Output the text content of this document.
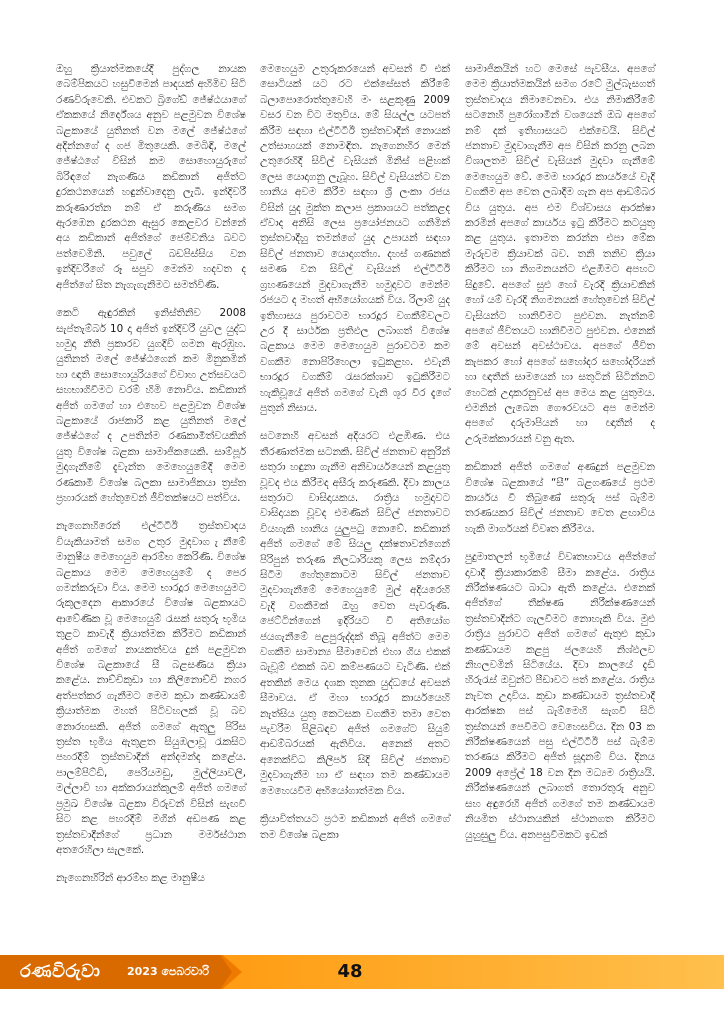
ඔහු ක්‍රියාත්මකයේදී පුද්ගල නායක බෙම්පිකයට හසුවීමෙන් පාදයක් අහිමිව සිටි රණවිරුවෙකි. එවකට බ්‍රිගේඩ් ජේෂ්ඨයාගේ ඒකකයේ නිර්දේශය අනුව පළමුවන විශේෂ බළකායේ යුතිනත් වන මලේ ජේෂ්ඨගේ අදින්නගේ ද ගජ මිතුයෙකි. මෙබිඳි, මලේ ජේෂ්ඨගේ විසින් කම සොහොයුරුගේ බිරිඳගේ නැගණිය කඩිකාන් අජිත්ට දුරකථනයෙන් හඳුන්වාදෙනු ලැබී. ඉන්දිවරී කරුණාරත්න නම් ඒ කරුණිය සමග ඇරඹෙන දුරකථන ඇසුර කෙළවර වන්නේ අය කඩිකාන් අජිත්ගේ ජෙම්වනිය බවට පත්වෙමිනි. පවුලේ බඩපිස්සිය වන ඉන්දිවරීගේ රූ සපුව මෙන්ම හදවත ද අජිත්ගේ සිත නැගැගැනිමට සමත්විණි.

කෙටි ඇඳුරකින් ඉනිස්තිනිව 2008 සැප්තැම්බර් 10 දා අජිත් ඉන්දිවරී යුවල යුද්ධ හමුදා නීති ප්‍රකාරව යුගදිවි ගමන ඇරඹුහ. යුතිනත් මලේ ජේෂ්ඨගෙන් කම මිනුකමින් හා ඥාති සොහොයුරියගේ විවාහ උත්සවයට සහභාගිවීමට වරම් හිමි නොවිය. කඩිකාන් අජිත් ගමගේ හා එහෙව පළමුවන විශේෂ බළකායේ රාජකාරි කළ යුතිනත් මලේ ජේෂ්ඨගේ ද උපතින්ම රණකාමීත්වයකින් යුතු විශේෂ බළකා සාමාජිකයෙකි. සාම්පූර් මුදාගැනීමේ දැවැන්ත මෙහෙයුමේදී මෙම රණකාමී විශේෂ බලකා සාමාජිකයා ත්‍රස්ත ප්‍රහාරයක් හේතුවෙන් ජීවිතක්ෂයට පත්විය.

නැගෙනහිරෙන් එල්ටීටීඊ ත්‍රස්තවාදය වියැකියාමත් සමග උතුර මුදවාග ැනීමේ මානුෂීය මෙහෙයුම ආරම්භ කෙරිණි. විශේෂ බළකාය මෙම මෙහෙයුමේ ද පෙර ගමන්කරුවා විය. මෙම භාරදූර මෙහෙයුමට රුකුලදෙන ආකාරයේ විශේෂ බළකායට ආවේණික වූ මෙහෙයුම් රැසක් සතුරු භූමිය තුළට කාවැදී ක්‍රියාත්මක කිරීමට කඩිකාන් අජිත් ගමගේ නායකත්වය දුන් පළමුවන විශේෂ බළකායේ සී බළසණිය ක්‍රියා කළේය. නාච්චිකුඩා හා කිලිනොච්චි නගර අත්පත්කර ගැනීමට මෙම කුඩා කණ්ඩායම් ක්‍රියාත්මක මහත් පිටිවහලක් වූ බව නොරහසකි. අජිත් ගමගේ ඇතුලු පිරිස ත්‍රස්ත භූමිය ඇතුළත සියුඹලාවූ රැකසිට පහරදීම් ත්‍රස්තවාදීන් අන්දමන්ද කළේය. පාලම්පිට්ඩි, පෙරියමඩු, මුල්ලියාවලි, මල්ලාවි හා අක්කරායන්කුලම් අජිත් ගමගේ ප්‍රමුඛ විශේෂ බළකා විරුවන් විසින් සැඟවී සිට කළ පහරදීම් මගින් අඩපණ කළ ත්‍රස්තවාදීන්ගේ ප්‍රධාන මර්මස්ථාන අතරෙහිලා සැලකේ.

නැගෙනහිරින් ආරම්භ කළ මානුෂීය

මෙහෙයුම උතුරුකරයෙන් අවසන් වී එක් සොටියක් යට රට එක්සේසත් කිරීමේ බලාපොරොත්තුවෙහි මං සළකුණු 2009 වසර වන විට මතුවිය. මේ සියල්ල යටපත් කිරීම සඳහා එල්ටීටීඊ ත්‍රස්තවාදීන් නොයක් උත්සාහයක් නොමඳිත. නැගෙනහිර මෙන් උතුරෙහිදී සිවිල් වැසියන් මිනිස් පළිහක් ලෙස යොදාගනු ලැබූහ. සිවිල් වැසියන්ට වන හානිය අවම කිරීම සඳහා ශ්‍රී ලංකා රජය විසින් යුද මුක්ත කලාප ප්‍රකාශයට පත්කළද ඒවාද අනිසි ලෙස ප්‍රයෝජනයට ගනිමින් ත්‍රස්තවාදීහු තමන්ගේ යුද උපායන් සඳහා සිවිල් ජනතාව යොදාගත්හ. දහස් ගණනක් සමණ වන සිවිල් වැසියන් එල්ටීටීඊ ග්‍රහණයෙන් මුදවාගැනීම හමුදාවට මෙන්ම රජයට ද මහත් අභියෝගයක් විය. රිලාම් යුද ඉතිහාසය පුරාවටම භාරදූර වගකීම්වලට උර දී සාර්ථක ප්‍රතිඵල ලබාගත් විශේෂ බළකාය මෙම මෙහෙයුම පුරාවටම කම වගකීම නොපිරිහෙලා ඉටුකළහ. එවැනි භාරදූර වගකීම් රැසරක්ශාව ඉටුකිරීමට හැකිවූයේ අජිත් ගමගේ වැනි ශූර වීර දැගේ පුතුන් නිසාය.

සටනෙහි අවසන් අදියරට එළඹිණ. එය තීරණාත්මක සටනකි. සිවිල් ජනතාව අනුරින් සතුරා හඳුනා ගැනීම අනිවාර්යයෙන් කළයුතු වූවද එය කිරීමද අසීරු කරුණකි. දිවා කාලය සතුරාට වාසිදායකය. රාත්‍රිය හමුදාවට වාසිදායක වූවද එමණින් සිවිල් ජනතාවට වියහැකි හානිය යුලුපටු නොවේ. කඩිකාන් අජිත් ගමගේ මේ සියලු දක්ෂතාවන්ගෙන් පිරිපුන් තරුණ නිලධාරියකු ලෙස නම්දරා සිටීම හේතුකොටම සිවිල් ජනතාව මුදවාගැනීමේ මෙහෙයුමේ මුල් අදියරෙහි වැදි වගකීමක් ඔහු වෙත පැවරුණි. ජෙට්ටින්ගෙන් ඉදිරියට වී අතියෝග ජයගැනීමේ පළපුරුද්දක් තිබූ අජිත්ට මෙම වගකීම සාමාන්‍ය සීමාවෙන් එහා ගිය එකක් බැවූම් එකක් බව කම්පණයට වැටිණි. එක් අතකින් මෙය දශක තුනක යුද්ධයේ අවසන් සීමාවය. ඒ මහා භාරදූර කාර්යයෙහි නැත්සිය යුතු කෙටසක වගකීම තමා වෙත පැවරීම පිළිබඳව අජිත් ගමගේට සියුම් ආඩම්බරයක් ඇතිවිය. අනෙක් අතට අනෙක්විධ කිලිපර් සිදි සිවිල් ජනතාව මුදවාගැනීම හා ඒ සඳහා තම කණ්ඩායම මෙහෙයවීම අභියෝගාත්මක විය.

ක්‍රියාවිත්තයට ප්‍රථම කඩිකාන් අජිත් ගමගේ තම විශේෂ බළකා

සාමාජිකයින් හට මෙසේ පැවසීය. අපගේ මෙම ක්‍රියාත්මකයින් සමග රටේ මුල්බැසගත් ත්‍රස්තවාදය නිමාවෙනවා. එය නිමාකිරීමේ සටනෙහි පුරෝගාමීන් වශයෙන් ඔබ අපගේ නම් දක් ඉතිහාසයට එක්වෙයි. සිවිල් ජනතාව මුදවාගැනීම අප විසින් කරනු ලබන විශාලතම සිවිල් වැසියන් මුදවා ගැනීමේ මෙහෙයුම වේ. මෙම භාරදූර කාර්යයේ වැදි වගකීම අප වෙත ලබාදීම ගැන අප ආඩම්බර විය යුතුය. අප එම විශ්වාසය ආරක්ෂා කරමින් අපගේ කාර්යය ඉටු කිරීමට කටයුතු කළ යුතුය. ඉතාමත කරන්න එපා මේක මැරුවම ක්‍රියාවක් බව. තනි තනිව ක්‍රියා කිරීමට හා නිගමනයන්ට එළඹීමට අපහට සිදුවේ. අපගේ සුළු හෝ වැරදි ක්‍රියාවකින් හෝ යම් වැරදි නිගමනයක් හේතුවෙන් සිවිල් වැසියන්ට හානිවීමට පුළුවන. නැත්නම් අපගේ ජීවිතයට හානිවීමට පුළුවන. එනෙක් මේ අවසන් අවස්ථාවය. අපගේ ජීවිත කැපකර හෝ අපගේ සහෝදර සහෝදරියන් හා ඥාතීන් සාමයෙන් හා සතුටින් සිටින්නට හෙටක් උදාකරනුවස් අප මෙය කළ යුතුමය. එමනින් ලැබෙන ගෞරවයට අප මෙන්ම අපගේ දරුමාපියන් හා ඥාතීන් ද උරුමක්කාරයන් වනු ඇත.

කඩිකාන් අජිත් ගමගේ අණදුන් පළමුවන විශේෂ බළකායේ “සී” බළගණයේ ප්‍රථම කාර්යය වී තිබුණේ සතුරු පස් බැම්ම තරණයකර සිවිල් ජනතාව වෙත ළඟාවිය හැකි මාර්ගයක් විවෘත කිරීමය.

පුදුමාතලන් භූමියේ විවෘතභාවය අජිත්ගේ දාවාදී ක්‍රියාකාරකම් සීමා කළේය. රාත්‍රිය නිරීක්ෂණයට බාධා ඇති කළේය. එනෙක් අජිත්ගේ තීක්ෂණ නිරීක්ෂණයෙන් ත්‍රස්තවාදීන්ට ගැලවීමට නොහැකි විය. මුළු රාත්‍රිය පුරාවට අජිත් ගමගේ ඇතුළු කුඩා කණ්ඩායම කළපු ජලයෙහි නිශ්ඵලව නිහලවමින් සිටියේය. දිවා කාලයේ දැඩි හිරුරැස් ඔවුන්ට පීඩාවට පත් කළේය. රාත්‍රිය නැවත උදාවිය. කුඩා කණ්ඩායම ත්‍රස්තවාදී ආරක්ෂක පස් බැම්මෙහි සැගවී සිටි ත්‍රස්තයන් පෙවීමට වෙහෙසවිය. දින 03 ක නිරීක්ෂණයෙන් පසු එල්ටීටීඊ පස් බැම්ම තරණය කිරීමට අජිත් සූදානම් විය. දිනය 2009 අප්‍රේල් 18 වන දින මධ්‍යම රාත්‍රියයි. නිරීක්ෂණයෙන් ලබාගත් තොරතුරු අනුව සහ අඳුරෙහි අජිත් ගමගේ තම කණ්ඩායම නියමිත ස්ථානයකින් ස්ථානගත කිරීමට යුහුසුලු විය. අනපසුවීමකට ඉඩක්

රණවිරුවා	2023 පෙබරවාරි	48
